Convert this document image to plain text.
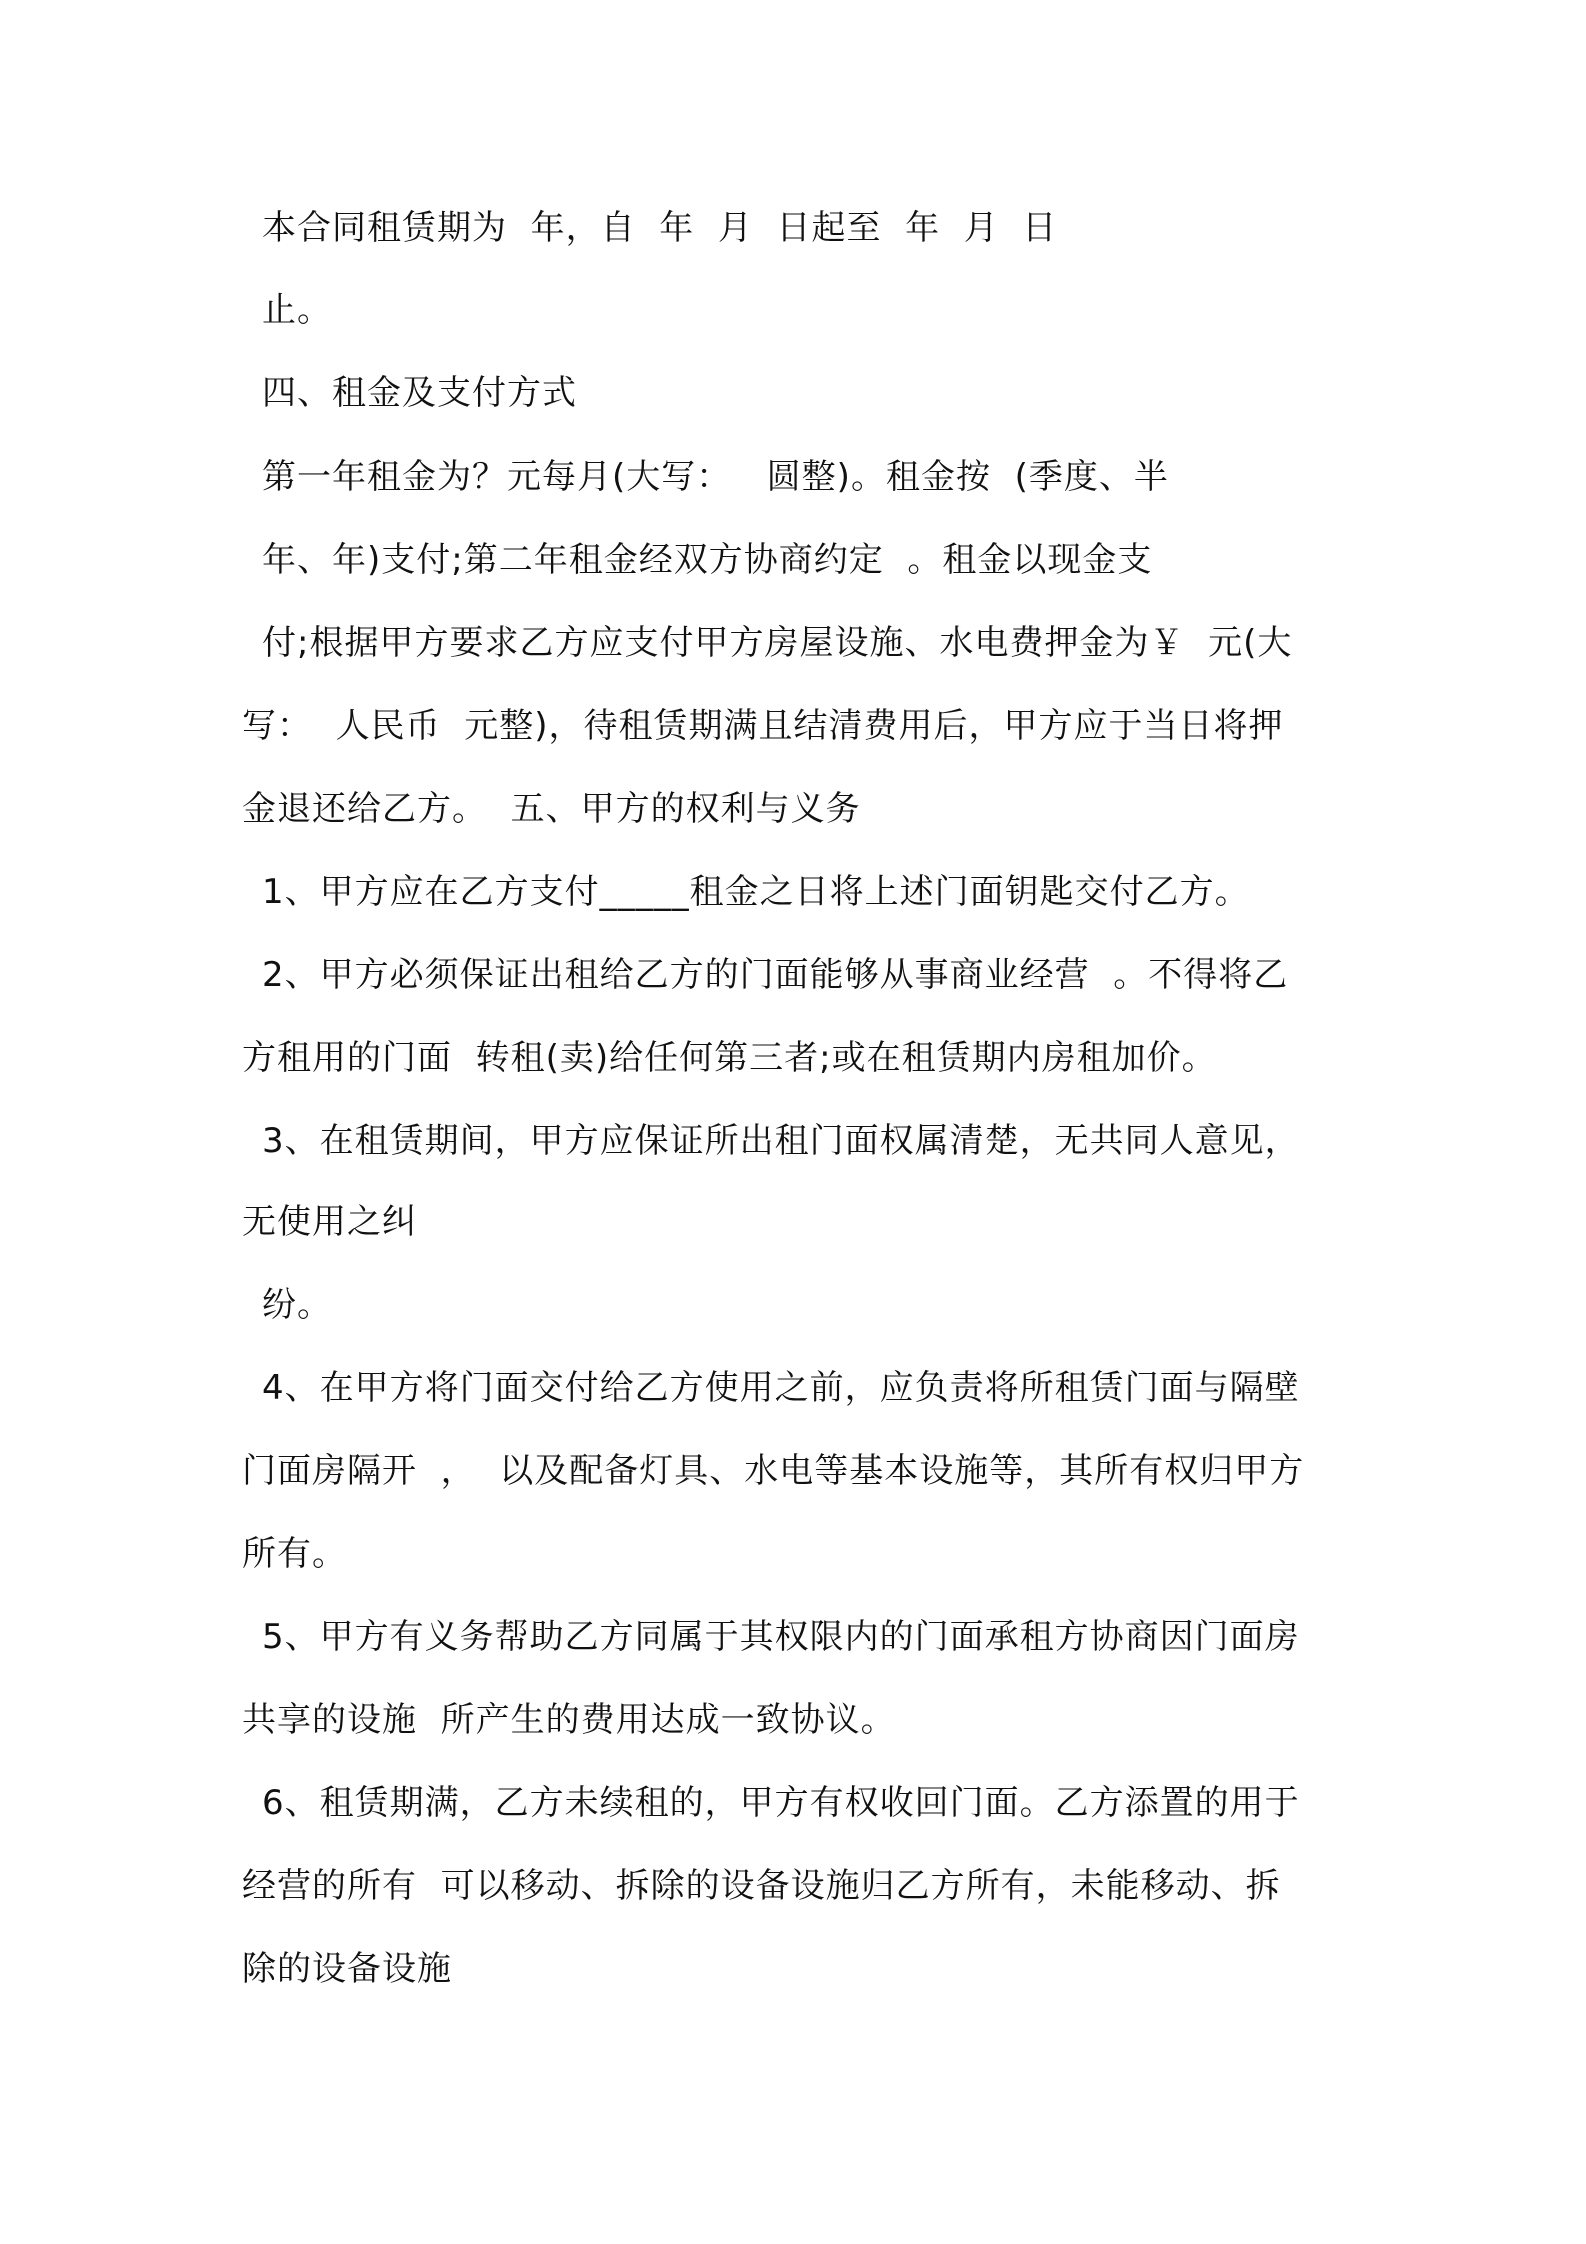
本合同租赁期为  年，自  年  月  日起至  年  月  日
止。
四、租金及支付方式
第一年租金为？元每月(大写：   圆整)。租金按  (季度、半
年、年)支付;第二年租金经双方协商约定  。租金以现金支
付;根据甲方要求乙方应支付甲方房屋设施、水电费押金为￥  元(大
写：  人民币  元整)，待租赁期满且结清费用后，甲方应于当日将押
金退还给乙方。  五、甲方的权利与义务
1、甲方应在乙方支付_____租金之日将上述门面钥匙交付乙方。
2、甲方必须保证出租给乙方的门面能够从事商业经营  。不得将乙
方租用的门面  转租(卖)给任何第三者;或在租赁期内房租加价。
3、在租赁期间，甲方应保证所出租门面权属清楚，无共同人意见，
无使用之纠
纷。
4、在甲方将门面交付给乙方使用之前，应负责将所租赁门面与隔壁
门面房隔开  ，  以及配备灯具、水电等基本设施等，其所有权归甲方
所有。
5、甲方有义务帮助乙方同属于其权限内的门面承租方协商因门面房
共享的设施  所产生的费用达成一致协议。
6、租赁期满，乙方未续租的，甲方有权收回门面。乙方添置的用于
经营的所有  可以移动、拆除的设备设施归乙方所有，未能移动、拆
除的设备设施
